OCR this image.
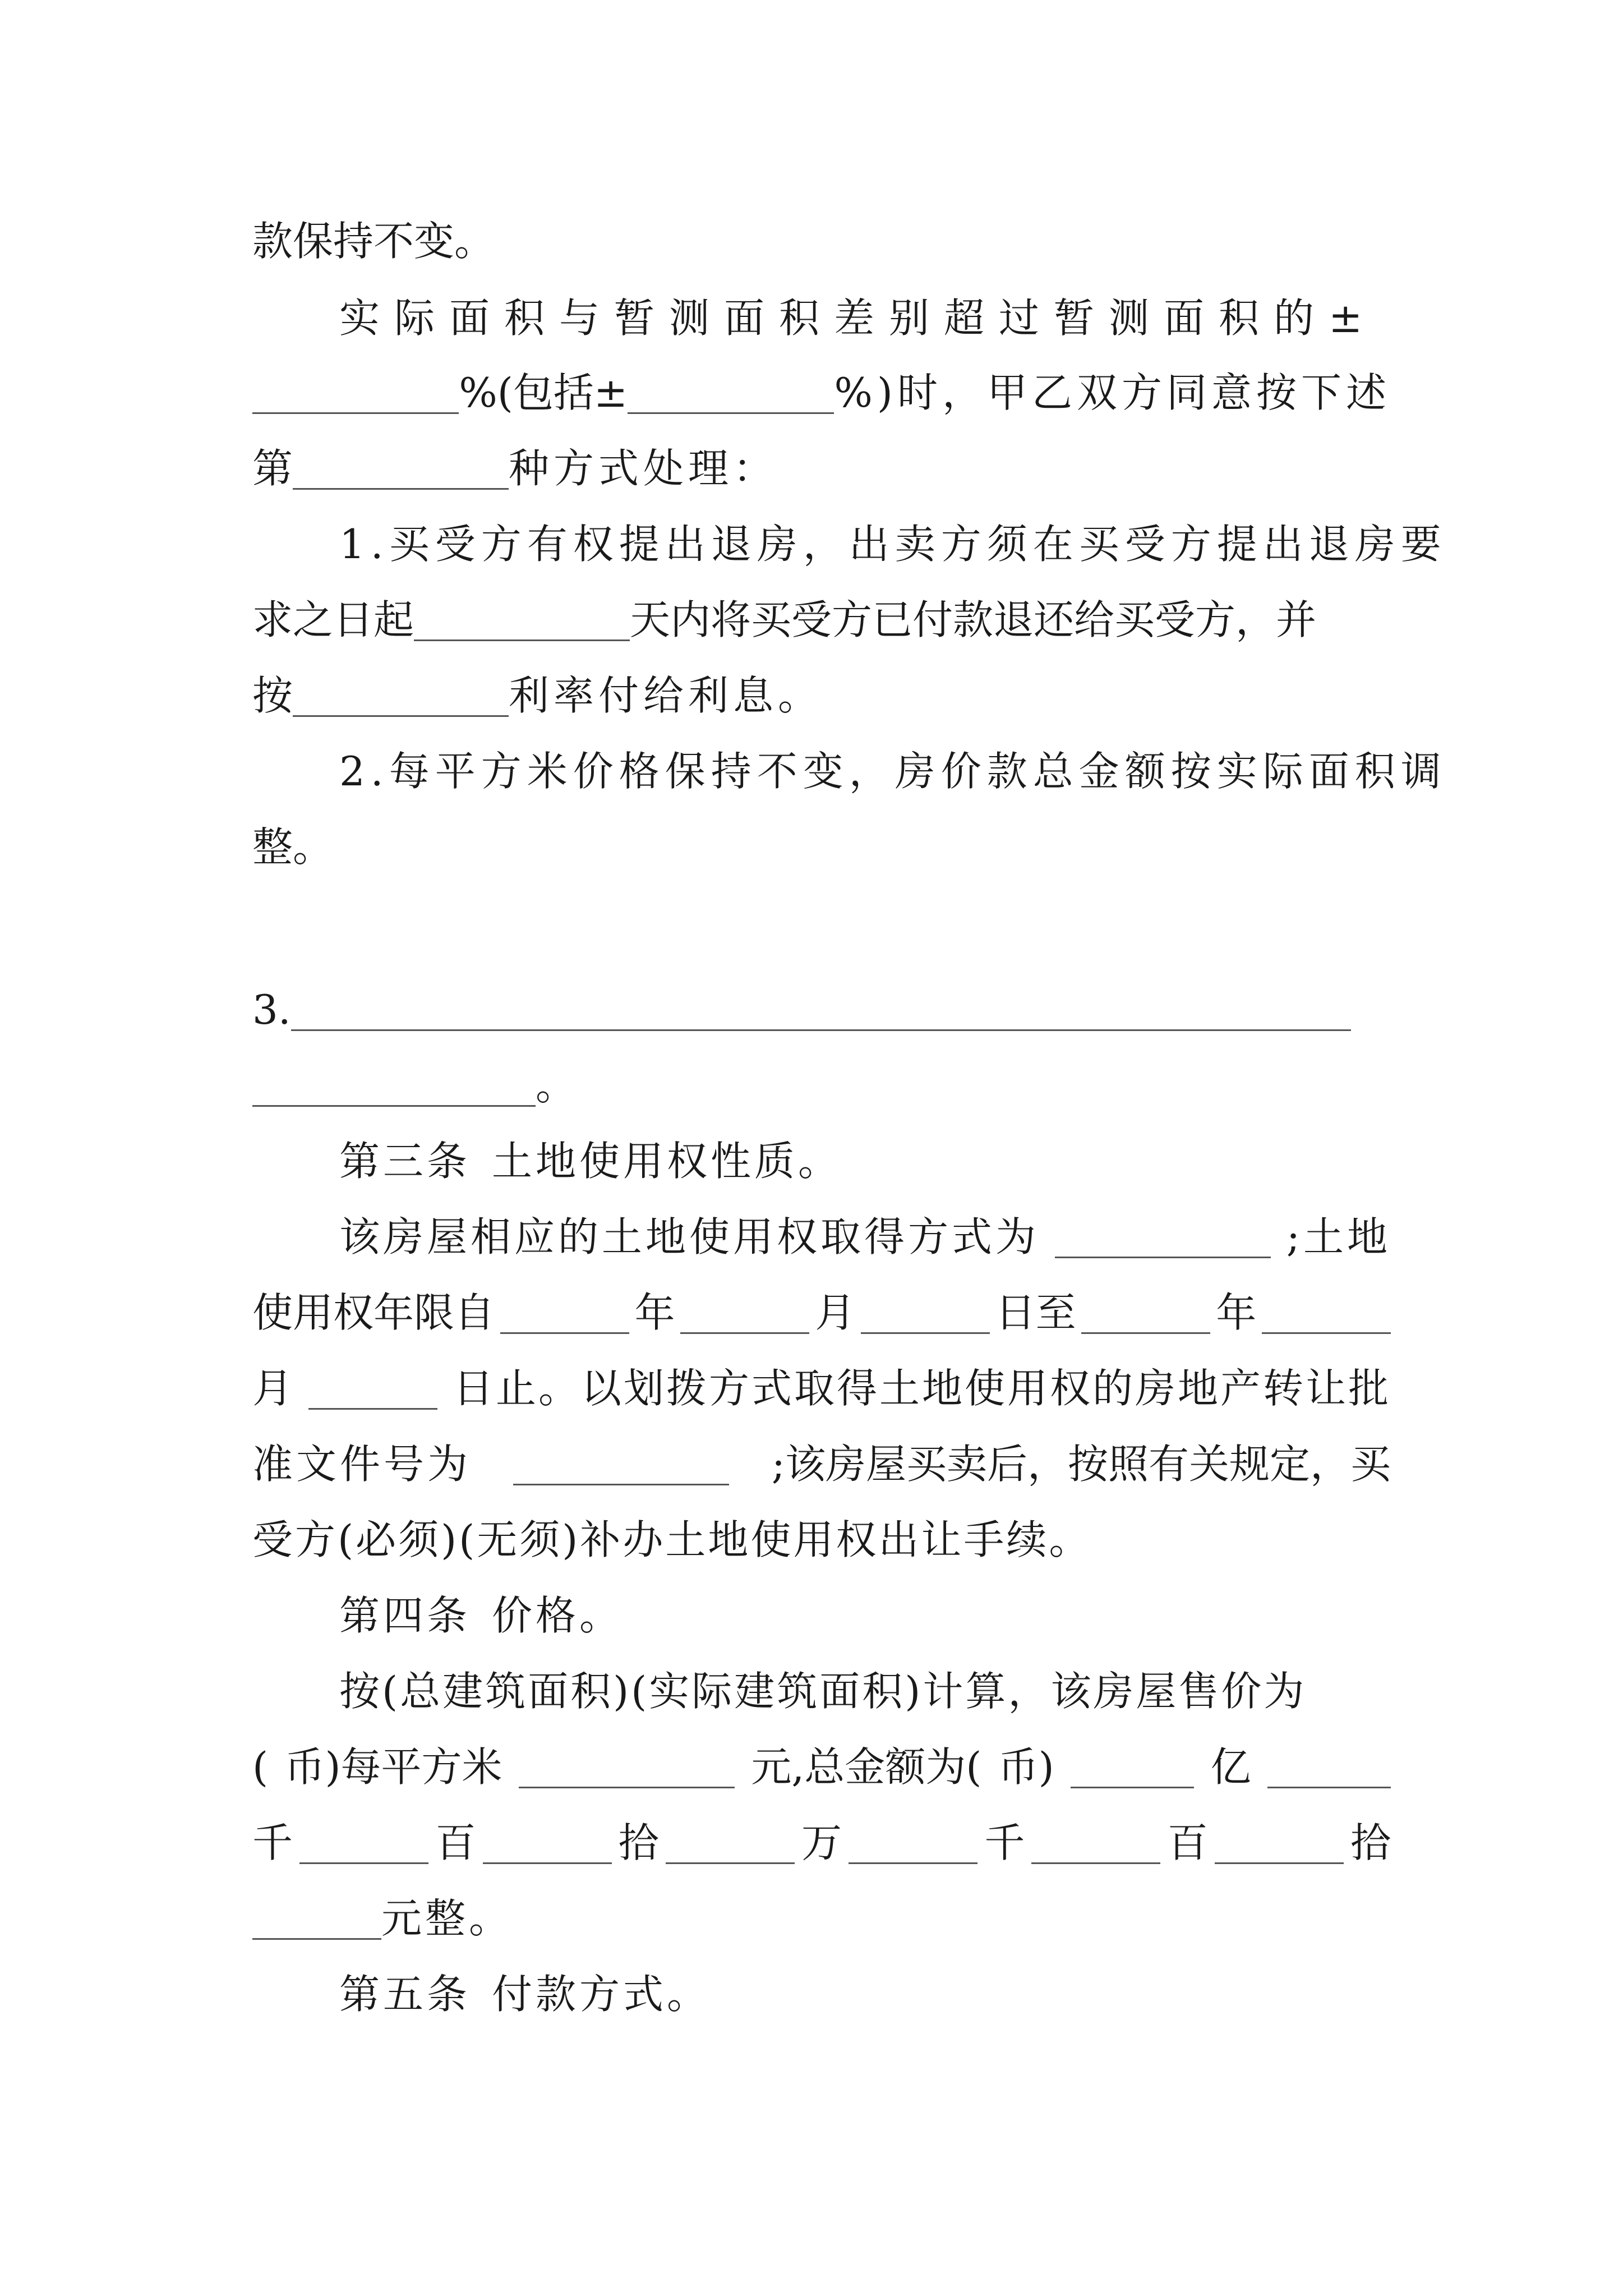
款保持不变。
实际面积与暂测面积差别超过暂测面积的±
%(包括±	%)时，甲乙双方同意按下述
第	种方式处理：
1.买受方有权提出退房，出卖方须在买受方提出退房要
求之日起	天内将买受方已付款退还给买受方，并
按	利率付给利息。
2.每平方米价格保持不变，房价款总金额按实际面积调
整。
3.
。
第三条 土地使用权性质。
该房屋相应的土地使用权取得方式为	;土地
使用权年限自	年	月	日至	年
月	日止。以划拨方式取得土地使用权的房地产转让批
准文件号为	;该房屋买卖后，按照有关规定，买
受方(必须)(无须)补办土地使用权出让手续。
第四条 价格。
按(总建筑面积)(实际建筑面积)计算，该房屋售价为
( 币)每平方米	元,总金额为( 币)	亿
千	百	拾	万	千	百	拾
元整。
第五条 付款方式。
